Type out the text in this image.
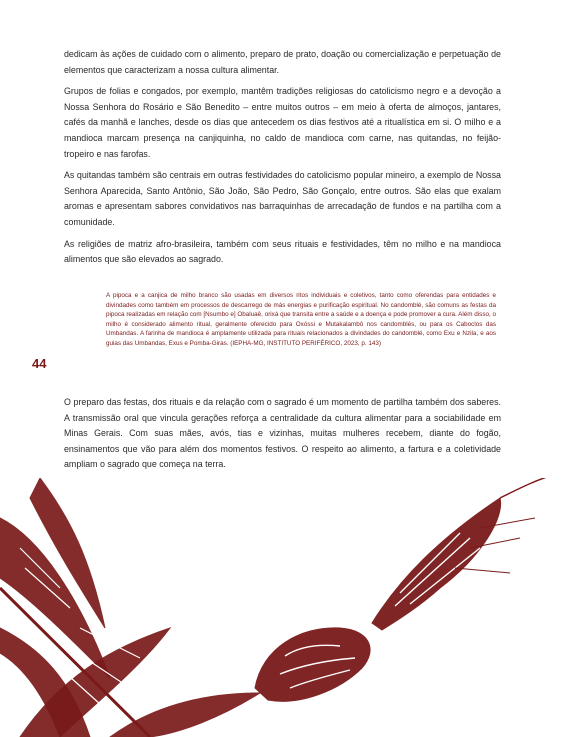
dedicam às ações de cuidado com o alimento, preparo de prato, doação ou comercialização e perpetuação de elementos que caracterizam a nossa cultura alimentar.

Grupos de folias e congados, por exemplo, mantêm tradições religiosas do catolicismo negro e a devoção a Nossa Senhora do Rosário e São Benedito – entre muitos outros – em meio à oferta de almoços, jantares, cafés da manhã e lanches, desde os dias que antecedem os dias festivos até a ritualística em si. O milho e a mandioca marcam presença na canjiquinha, no caldo de mandioca com carne, nas quitandas, no feijão-tropeiro e nas farofas.

As quitandas também são centrais em outras festividades do catolicismo popular mineiro, a exemplo de Nossa Senhora Aparecida, Santo Antônio, São João, São Pedro, São Gonçalo, entre outros. São elas que exalam aromas e apresentam sabores convidativos nas barraquinhas de arrecadação de fundos e na partilha com a comunidade.

As religiões de matriz afro-brasileira, também com seus rituais e festividades, têm no milho e na mandioca alimentos que são elevados ao sagrado.

A pipoca e a canjica de milho branco são usadas em diversos ritos individuais e coletivos, tanto como oferendas para entidades e divindades como também em processos de descarrego de más energias e purificação espiritual. No candomblé, são comuns as festas da pipoca realizadas em relação com [Nsumbo e] Obaluaê, orixá que transita entre a saúde e a doença e pode promover a cura. Além disso, o milho é considerado alimento ritual, geralmente oferecido para Oxóssi e Mutakalambô nos candomblés, ou para os Caboclos das Umbandas. A farinha de mandioca é amplamente utilizada para rituais relacionados a divindades do candomblé, como Exu e Nzila, e aos guias das Umbandas, Exus e Pomba-Giras. (IEPHA-MG, INSTITUTO PERIFÉRICO, 2023, p. 143)

44

O preparo das festas, dos rituais e da relação com o sagrado é um momento de partilha também dos saberes. A transmissão oral que vincula gerações reforça a centralidade da cultura alimentar para a sociabilidade em Minas Gerais. Com suas mães, avós, tias e vizinhas, muitas mulheres recebem, diante do fogão, ensinamentos que vão para além dos momentos festivos. O respeito ao alimento, a fartura e a coletividade ampliam o sagrado que começa na terra.
